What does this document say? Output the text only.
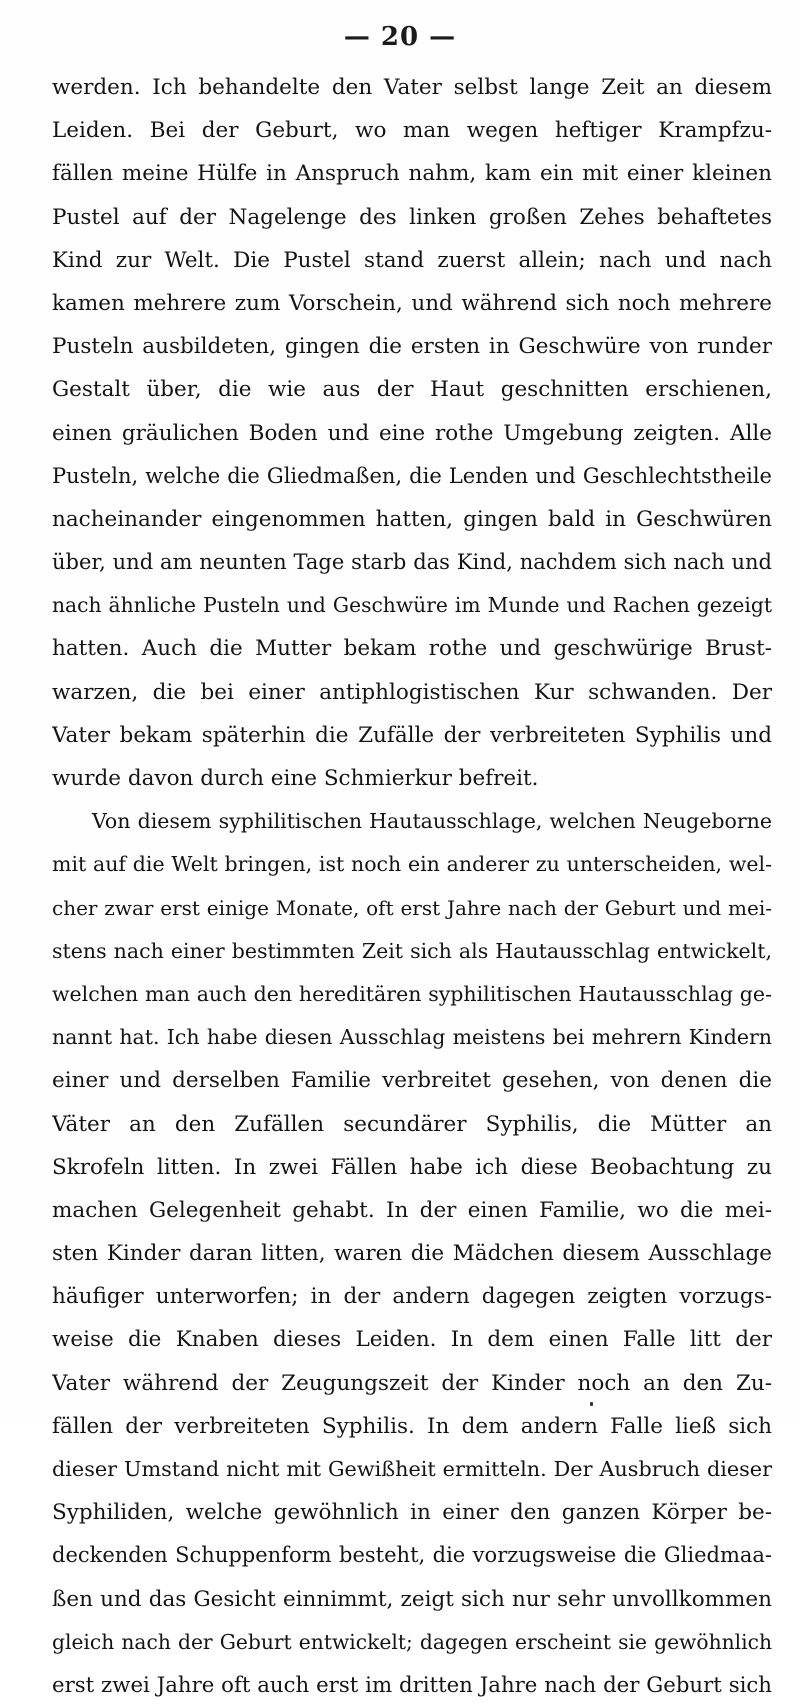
— 20 —
werden. Ich behandelte den Vater selbst lange Zeit an diesem
Leiden. Bei der Geburt, wo man wegen heftiger Krampfzu-
fällen meine Hülfe in Anspruch nahm, kam ein mit einer kleinen
Pustel auf der Nagelenge des linken großen Zehes behaftetes
Kind zur Welt. Die Pustel stand zuerst allein; nach und nach
kamen mehrere zum Vorschein, und während sich noch mehrere
Pusteln ausbildeten, gingen die ersten in Geschwüre von runder
Gestalt über, die wie aus der Haut geschnitten erschienen,
einen gräulichen Boden und eine rothe Umgebung zeigten. Alle
Pusteln, welche die Gliedmaßen, die Lenden und Geschlechtstheile
nacheinander eingenommen hatten, gingen bald in Geschwüren
über, und am neunten Tage starb das Kind, nachdem sich nach und
nach ähnliche Pusteln und Geschwüre im Munde und Rachen gezeigt
hatten. Auch die Mutter bekam rothe und geschwürige Brust-
warzen, die bei einer antiphlogistischen Kur schwanden. Der
Vater bekam späterhin die Zufälle der verbreiteten Syphilis und
wurde davon durch eine Schmierkur befreit.
Von diesem syphilitischen Hautausschlage, welchen Neugeborne
mit auf die Welt bringen, ist noch ein anderer zu unterscheiden, wel-
cher zwar erst einige Monate, oft erst Jahre nach der Geburt und mei-
stens nach einer bestimmten Zeit sich als Hautausschlag entwickelt,
welchen man auch den hereditären syphilitischen Hautausschlag ge-
nannt hat. Ich habe diesen Ausschlag meistens bei mehrern Kindern
einer und derselben Familie verbreitet gesehen, von denen die
Väter an den Zufällen secundärer Syphilis, die Mütter an
Skrofeln litten. In zwei Fällen habe ich diese Beobachtung zu
machen Gelegenheit gehabt. In der einen Familie, wo die mei-
sten Kinder daran litten, waren die Mädchen diesem Ausschlage
häufiger unterworfen; in der andern dagegen zeigten vorzugs-
weise die Knaben dieses Leiden. In dem einen Falle litt der
Vater während der Zeugungszeit der Kinder noch an den Zu-
fällen der verbreiteten Syphilis. In dem andern Falle ließ sich
dieser Umstand nicht mit Gewißheit ermitteln. Der Ausbruch dieser
Syphiliden, welche gewöhnlich in einer den ganzen Körper be-
deckenden Schuppenform besteht, die vorzugsweise die Gliedmaa-
ßen und das Gesicht einnimmt, zeigt sich nur sehr unvollkommen
gleich nach der Geburt entwickelt; dagegen erscheint sie gewöhnlich
erst zwei Jahre oft auch erst im dritten Jahre nach der Geburt sich
